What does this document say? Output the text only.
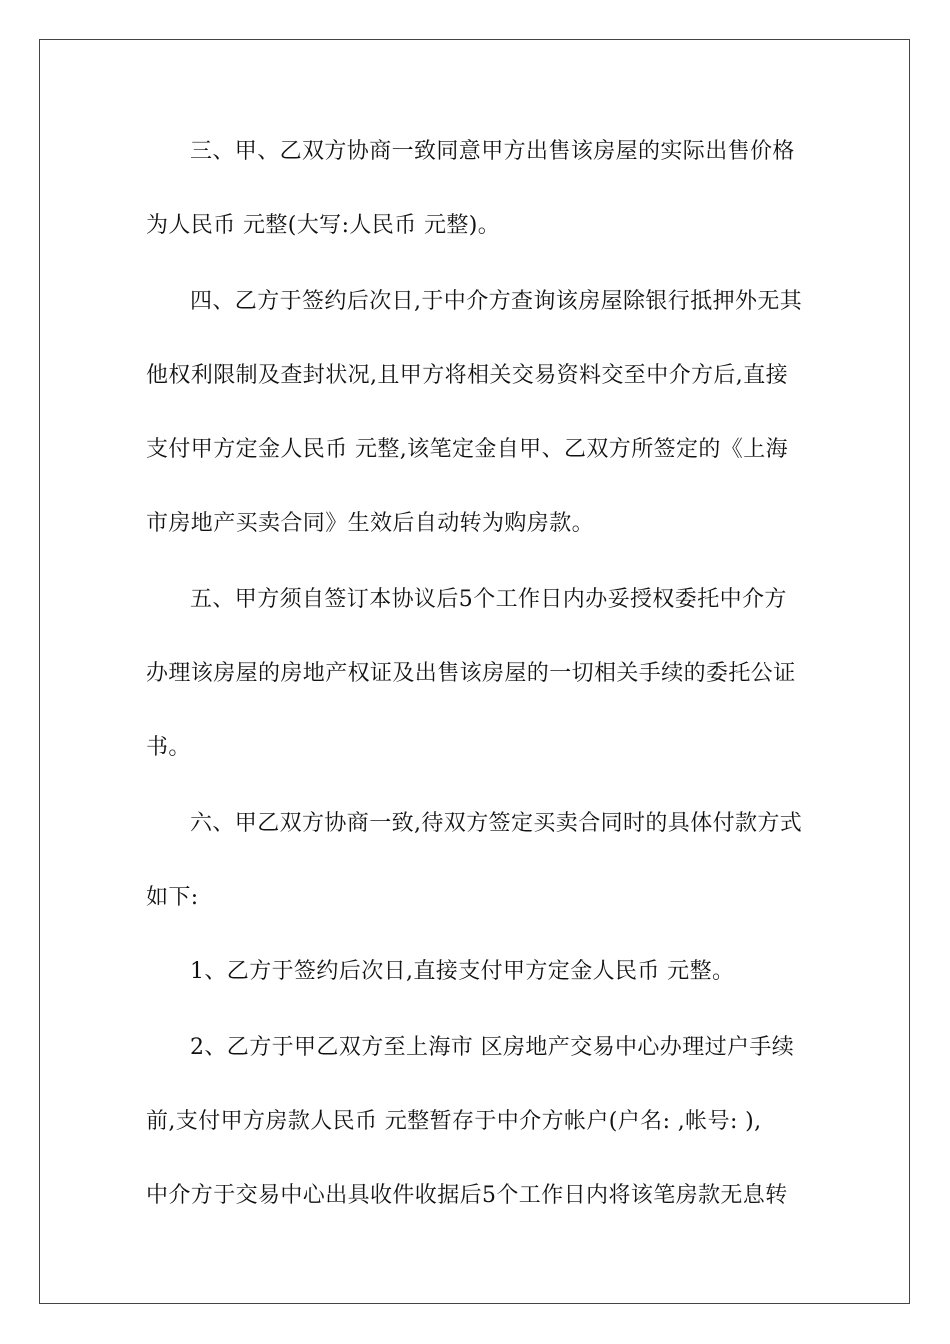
三、甲、乙双方协商一致同意甲方出售该房屋的实际出售价格
为人民币 元整(大写:人民币 元整)。
四、乙方于签约后次日,于中介方查询该房屋除银行抵押外无其
他权利限制及查封状况,且甲方将相关交易资料交至中介方后,直接
支付甲方定金人民币 元整,该笔定金自甲、乙双方所签定的《上海
市房地产买卖合同》生效后自动转为购房款。
五、甲方须自签订本协议后5个工作日内办妥授权委托中介方
办理该房屋的房地产权证及出售该房屋的一切相关手续的委托公证
书。
六、甲乙双方协商一致,待双方签定买卖合同时的具体付款方式
如下:
1、乙方于签约后次日,直接支付甲方定金人民币 元整。
2、乙方于甲乙双方至上海市 区房地产交易中心办理过户手续
前,支付甲方房款人民币 元整暂存于中介方帐户(户名: ,帐号: ),
中介方于交易中心出具收件收据后5个工作日内将该笔房款无息转
